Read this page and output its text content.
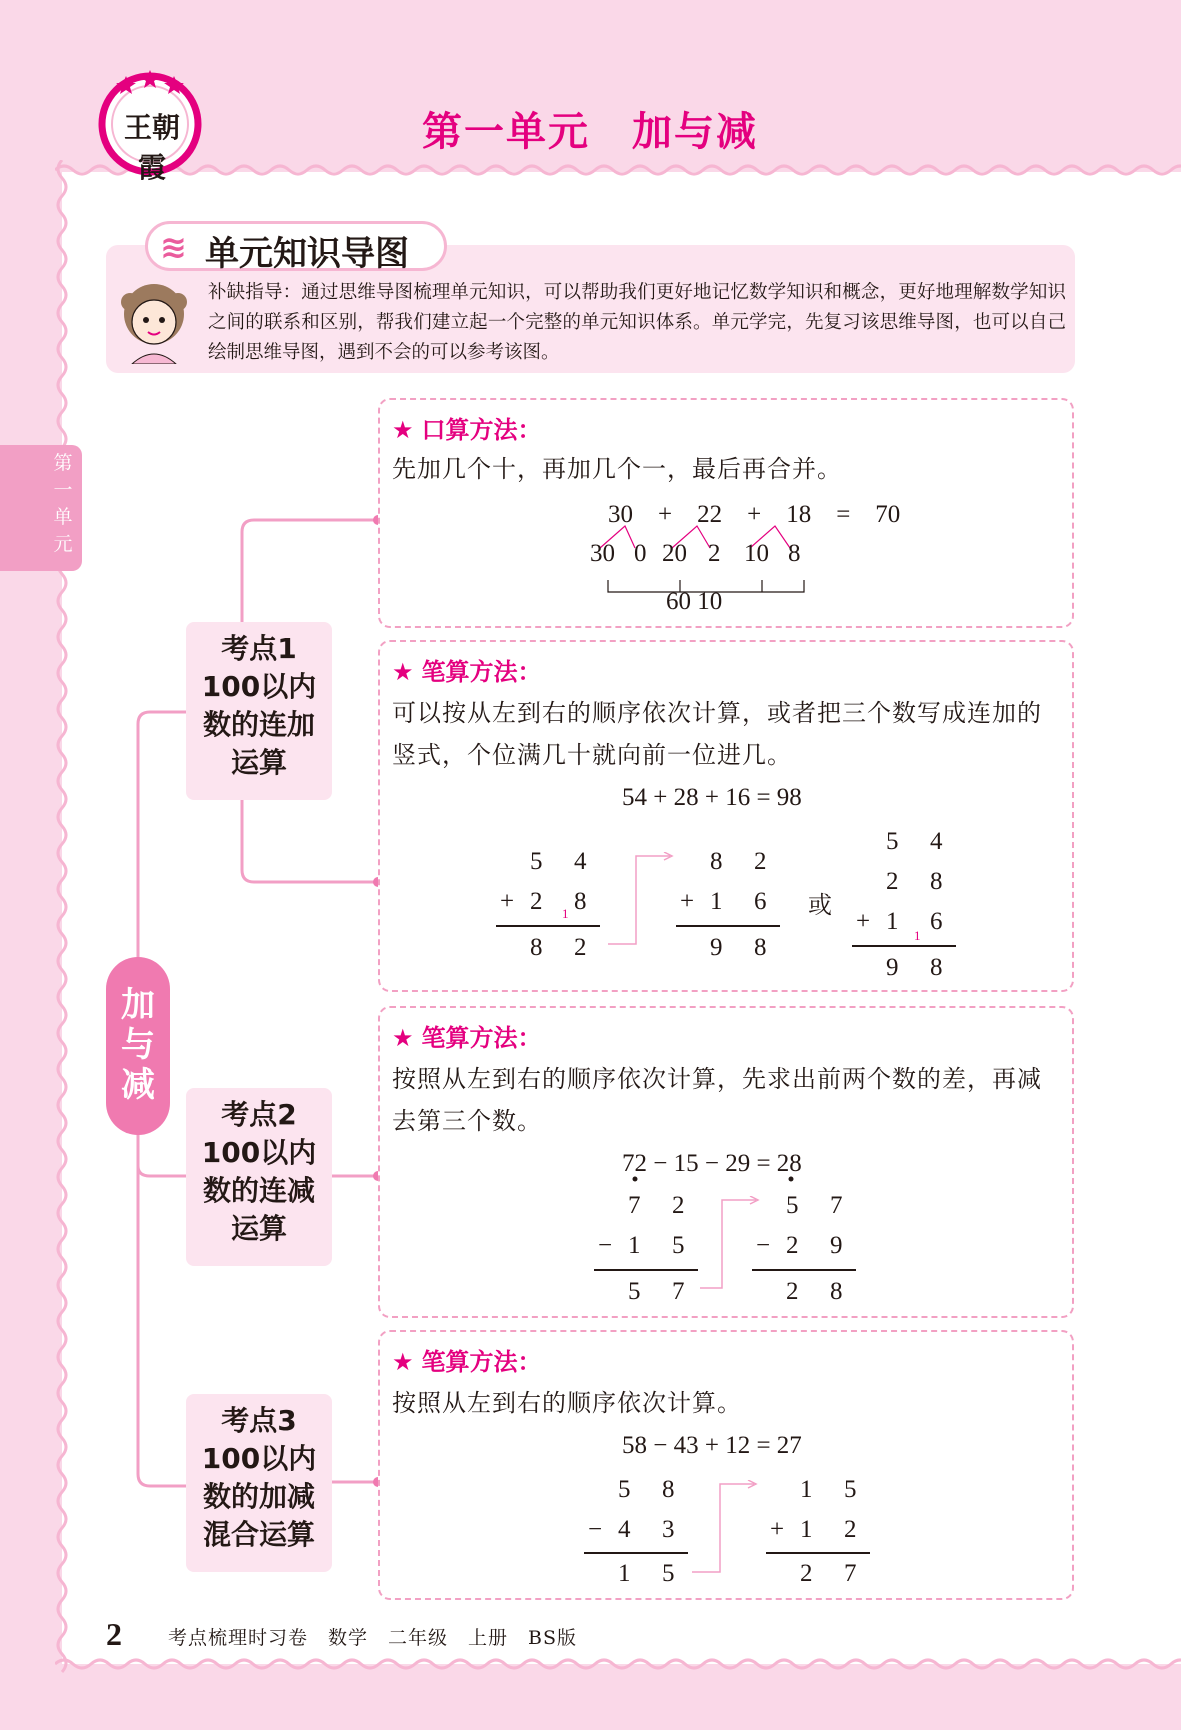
王朝霞
第一单元　加与减
第一单元
≋ 单元知识导图
补缺指导：通过思维导图梳理单元知识，可以帮助我们更好地记忆数学知识和概念，更好地理解数学知识之间的联系和区别，帮我们建立起一个完整的单元知识体系。单元学完，先复习该思维导图，也可以自己绘制思维导图，遇到不会的可以参考该图。
加与减
考点1
100以内
数的连加
运算
考点2
100以内
数的连减
运算
考点3
100以内
数的加减
混合运算
★ 口算方法：
先加几个十，再加几个一，最后再合并。
30　+　22　+　18　=　70
30 0 20 2 10 8
60 10
★ 笔算方法：
可以按从左到右的顺序依次计算，或者把三个数写成连加的竖式，个位满几十就向前一位进几。
54 + 28 + 16 = 98
5 4
+ 2 8
1
8 2
8 2
+ 1 6
9 8
或
5 4
2 8
+ 1 6
1
9 8
★ 笔算方法：
按照从左到右的顺序依次计算，先求出前两个数的差，再减去第三个数。
72 − 15 − 29 = 28
7 2
− 1 5
5 7
5 7
− 2 9
2 8
★ 笔算方法：
按照从左到右的顺序依次计算。
58 − 43 + 12 = 27
5 8
− 4 3
1 5
1 5
+ 1 2
2 7
2 考点梳理时习卷　数学　二年级　上册　BS版
